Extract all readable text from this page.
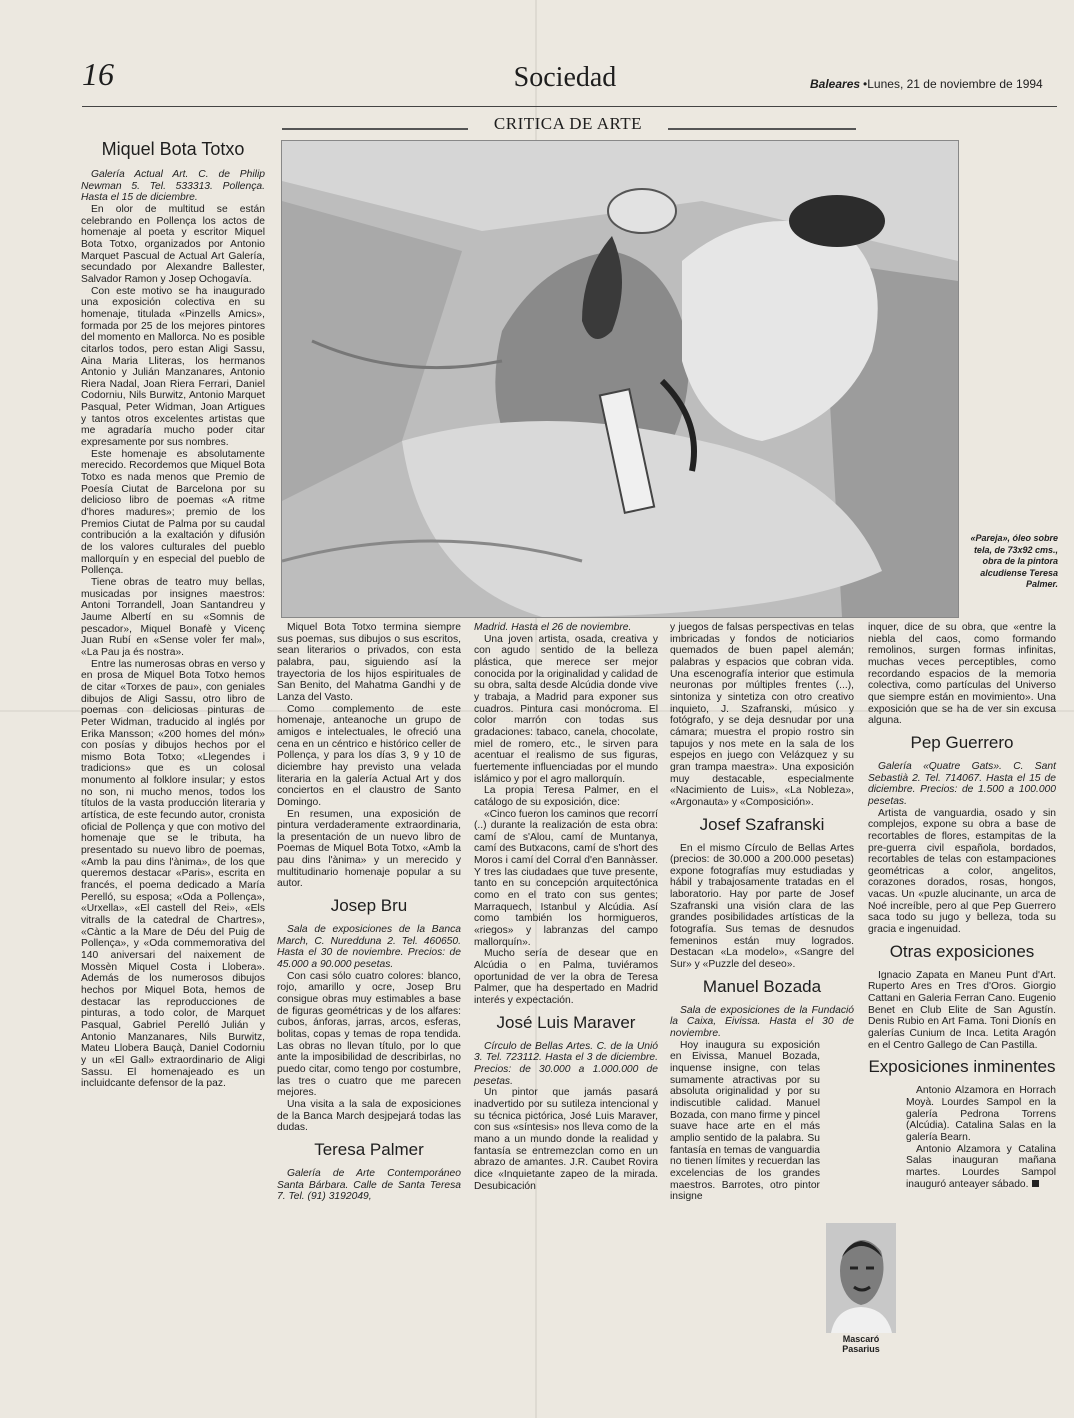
16	Sociedad	Baleares •Lunes, 21 de noviembre de 1994
CRITICA DE ARTE
«Pareja», óleo sobre tela, de 73x92 cms., obra de la pintora alcudiense Teresa Palmer.
Miquel Bota Totxo

Galería Actual Art. C. de Philip Newman 5. Tel. 533313. Pollença. Hasta el 15 de diciembre.

En olor de multitud se están celebrando en Pollença los actos de homenaje al poeta y escritor Miquel Bota Totxo, organizados por Antonio Marquet Pascual de Actual Art Galería, secundado por Alexandre Ballester, Salvador Ramon y Josep Ochogavía.

Con este motivo se ha inaugurado una exposición colectiva en su homenaje, titulada «Pinzells Amics», formada por 25 de los mejores pintores del momento en Mallorca. No es posible citarlos todos, pero estan Aligi Sassu, Aina Maria Lliteras, los hermanos Antonio y Julián Manzanares, Antonio Riera Nadal, Joan Riera Ferrari, Daniel Codorniu, Nils Burwitz, Antonio Marquet Pasqual, Peter Widman, Joan Artigues y tantos otros excelentes artistas que me agradaría mucho poder citar expresamente por sus nombres.

Este homenaje es absolutamente merecido. Recordemos que Miquel Bota Totxo es nada menos que Premio de Poesía Ciutat de Barcelona por su delicioso libro de poemas «A ritme d'hores madures»; premio de los Premios Ciutat de Palma por su caudal contribución a la exaltación y difusión de los valores culturales del pueblo mallorquín y en especial del pueblo de Pollença.

Tiene obras de teatro muy bellas, musicadas por insignes maestros: Antoni Torrandell, Joan Santandreu y Jaume Albertí en su «Somnis de pescador», Miquel Bonafè y Vicenç Juan Rubí en «Sense voler fer mal», «La Pau ja és nostra».

Entre las numerosas obras en verso y en prosa de Miquel Bota Totxo hemos de citar «Torxes de pau», con geniales dibujos de Aligi Sassu, otro libro de poemas con deliciosas pinturas de Peter Widman, traducido al inglés por Erika Mansson; «200 homes del món» con posías y dibujos hechos por el mismo Bota Totxo; «Llegendes i tradicions» que es un colosal monumento al folklore insular; y estos no son, ni mucho menos, todos los títulos de la vasta producción literaria y artística, de este fecundo autor, cronista oficial de Pollença y que con motivo del homenaje que se le tributa, ha presentado su nuevo libro de poemas, «Amb la pau dins l'ànima», de los que queremos destacar «Paris», escrita en francés, el poema dedicado a María Perelló, su esposa; «Oda a Pollença», «Urxella», «El castell del Rei», «Els vitralls de la catedral de Chartres», «Càntic a la Mare de Déu del Puig de Pollença», y «Oda commemorativa del 140 aniversari del naixement de Mossèn Miquel Costa i Llobera». Además de los numerosos dibujos hechos por Miquel Bota, hemos de destacar las reproducciones de pinturas, a todo color, de Marquet Pasqual, Gabriel Perelló Julián y Antonio Manzanares, Nils Burwitz, Mateu Llobera Bauçà, Daniel Codorniu y un «El Gall» extraordinario de Aligi Sassu. El homenajeado es un incluidcante defensor de la paz.

Miquel Bota Totxo termina siempre sus poemas, sus dibujos o sus escritos, sean literarios o privados, con esta palabra, pau, siguiendo así la trayectoria de los hijos espirituales de San Benito, del Mahatma Gandhi y de Lanza del Vasto.

Como complemento de este homenaje, anteanoche un grupo de amigos e intelectuales, le ofreció una cena en un céntrico e histórico celler de Pollença, y para los días 3, 9 y 10 de diciembre hay previsto una velada literaria en la galería Actual Art y dos conciertos en el claustro de Santo Domingo.

En resumen, una exposición de pintura verdaderamente extraordinaria, la presentación de un nuevo libro de Poemas de Miquel Bota Totxo, «Amb la pau dins l'ànima» y un merecido y multitudinario homenaje popular a su autor.

Josep Bru

Sala de exposiciones de la Banca March, C. Nuredduna 2. Tel. 460650. Hasta el 30 de noviembre. Precios: de 45.000 a 90.000 pesetas.

Con casi sólo cuatro colores: blanco, rojo, amarillo y ocre, Josep Bru consigue obras muy estimables a base de figuras geométricas y de los alfares: cubos, ánforas, jarras, arcos, esferas, bolitas, copas y temas de ropa tendida. Las obras no llevan título, por lo que ante la imposibilidad de describirlas, no puedo citar, como tengo por costumbre, las tres o cuatro que me parecen mejores.

Una visita a la sala de exposiciones de la Banca March desjpejará todas las dudas.

Teresa Palmer

Galería de Arte Contemporáneo Santa Bárbara. Calle de Santa Teresa 7. Tel. (91) 3192049,

Madrid. Hasta el 26 de noviembre.

Una joven artista, osada, creativa y con agudo sentido de la belleza plástica, que merece ser mejor conocida por la originalidad y calidad de su obra, salta desde Alcúdia donde vive y trabaja, a Madrid para exponer sus cuadros. Pintura casi monócroma. El color marrón con todas sus gradaciones: tabaco, canela, chocolate, miel de romero, etc., le sirven para acentuar el realismo de sus figuras, fuertemente influenciadas por el mundo islámico y por el agro mallorquín.

La propia Teresa Palmer, en el catálogo de su exposición, dice:

«Cinco fueron los caminos que recorrí (..) durante la realización de esta obra: camí de s'Alou, camí de Muntanya, camí des Butxacons, camí de s'hort des Moros i camí del Corral d'en Bannàsser. Y tres las ciudadaes que tuve presente, tanto en su concepción arquitectónica como en el trato con sus gentes; Marraquech, Istanbul y Alcúdia. Así como también los hormigueros, «riegos» y labranzas del campo mallorquín».

Mucho sería de desear que en Alcúdia o en Palma, tuviéramos oportunidad de ver la obra de Teresa Palmer, que ha despertado en Madrid interés y expectación.

José Luis Maraver

Círculo de Bellas Artes. C. de la Unió 3. Tel. 723112. Hasta el 3 de diciembre. Precios: de 30.000 a 1.000.000 de pesetas.

Un pintor que jamás pasará inadvertido por su sutileza intencional y su técnica pictórica, José Luis Maraver, con sus «síntesis» nos lleva como de la mano a un mundo donde la realidad y fantasía se entremezclan como en un abrazo de amantes. J.R. Caubet Rovira dice «Inquietante zapeo de la mirada. Desubicación

y juegos de falsas perspectivas en telas imbricadas y fondos de noticiarios quemados de buen papel alemán; palabras y espacios que cobran vida. Una escenografía interior que estimula neuronas por múltiples frentes (...), sintoniza y sintetiza con otro creativo inquieto, J. Szafranski, músico y fotógrafo, y se deja desnudar por una cámara; muestra el propio rostro sin tapujos y nos mete en la sala de los espejos en juego con Velázquez y su gran trampa maestra». Una exposición muy destacable, especialmente «Nacimiento de Luis», «La Nobleza», «Argonauta» y «Composición».

Josef Szafranski

En el mismo Círculo de Bellas Artes (precios: de 30.000 a 200.000 pesetas) expone fotografías muy estudiadas y hábil y trabajosamente tratadas en el laboratorio. Hay por parte de Josef Szafranski una visión clara de las grandes posibilidades artísticas de la fotografía. Sus temas de desnudos femeninos están muy logrados. Destacan «La modelo», «Sangre del Sur» y «Puzzle del deseo».

Manuel Bozada

Sala de exposiciones de la Fundació la Caixa, Eivissa. Hasta el 30 de noviembre.

Hoy inaugura su exposición en Eivissa, Manuel Bozada, inquense insigne, con telas sumamente atractivas por su absoluta originalidad y por su indiscutible calidad. Manuel Bozada, con mano firme y pincel suave hace arte en el más amplio sentido de la palabra. Su fantasía en temas de vanguardia no tienen límites y recuerdan las excelencias de los grandes maestros. Barrotes, otro pintor insigne

inquer, dice de su obra, que «entre la niebla del caos, como formando remolinos, surgen formas infinitas, muchas veces perceptibles, como recordando espacios de la memoria colectiva, como partículas del Universo que siempre están en movimiento». Una exposición que se ha de ver sin excusa alguna.

Pep Guerrero

Galería «Quatre Gats». C. Sant Sebastià 2. Tel. 714067. Hasta el 15 de diciembre. Precios: de 1.500 a 100.000 pesetas.

Artista de vanguardia, osado y sin complejos, expone su obra a base de recortables de flores, estampitas de la pre-guerra civil española, bordados, recortables de telas con estampaciones geométricas a color, angelitos, corazones dorados, rosas, hongos, vacas. Un «puzle alucinante, un arca de Noé increíble, pero al que Pep Guerrero saca todo su jugo y belleza, toda su gracia e ingenuidad.

Otras exposiciones

Ignacio Zapata en Maneu Punt d'Art. Ruperto Ares en Tres d'Oros. Giorgio Cattani en Galeria Ferran Cano. Eugenio Benet en Club Elite de San Agustín. Denis Rubio en Art Fama. Toni Dionís en galerías Cunium de Inca. Letita Aragón en el Centro Gallego de Can Pastilla.

Exposiciones inminentes

Antonio Alzamora en Horrach Moyà. Lourdes Sampol en la galería Pedrona Torrens (Alcúdia). Catalina Salas en la galería Bearn.

Antonio Alzamora y Catalina Salas inauguran mañana martes. Lourdes Sampol inauguró anteayer sábado.

Mascaró Pasarius
